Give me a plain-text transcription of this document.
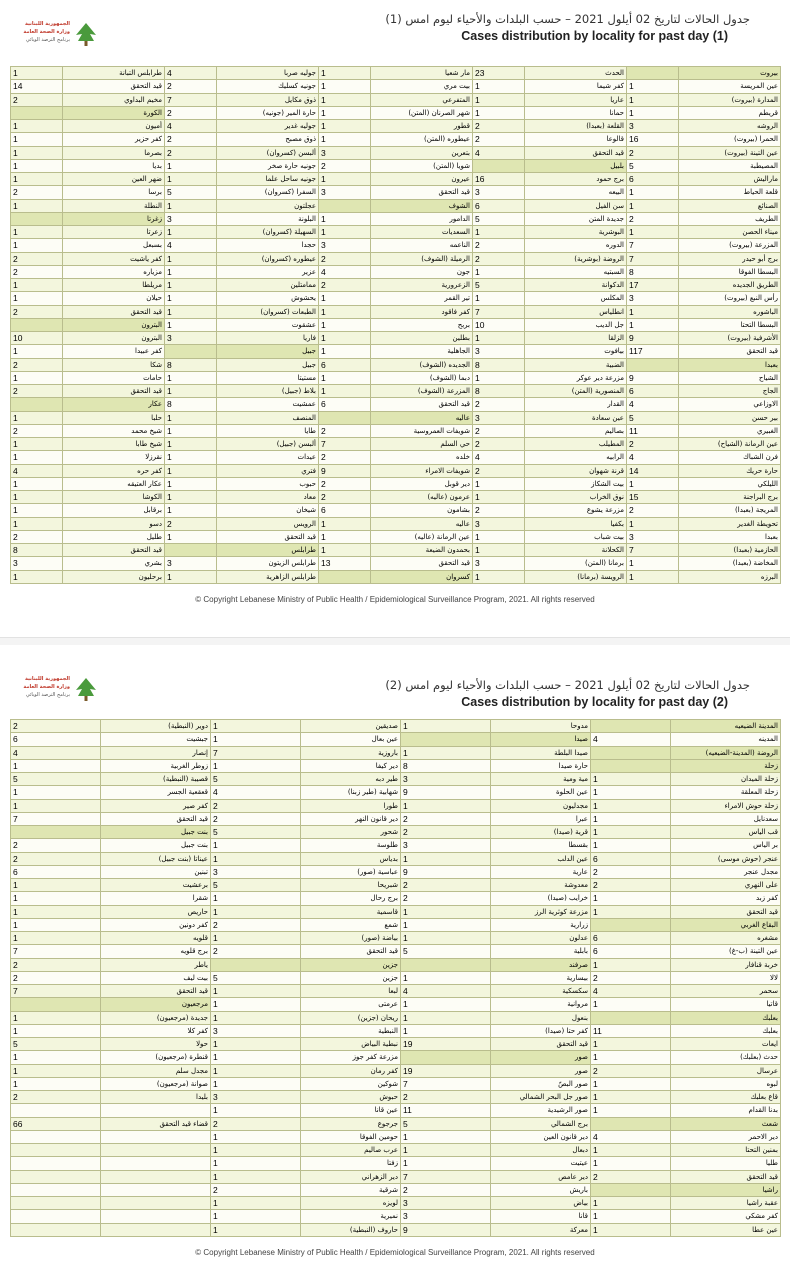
الجمهورية اللبنانية
وزارة الصحة العامة
برنامج الترصد الوبائي
جدول الحالات لتاريخ 02 أيلول 2021 – حسب البلدات والأحياء ليوم امس (1)
Cases distribution by locality for past day (1)
1	طرابلس التبانة	4	جوليه صربا	1	مار شعيا	23	الحدث		بيروت
14	قيد التحقق	2	جونيه كسليك	1	بيت مري	1	كفر شيما	1	عين المريسة
2	مخيم البداوي	7	ذوق مكايل	1	المتفرعي	1	عاريا	1	المدارة (بيروت)
	الكورة	2	حارة المير (جونيه)	1	شهر الصرنان (المتن)	1	حمانا	1	قريطم
1	أميون	4	جوليه غدير	1	قطور	2	القلعة (بعبدا)	3	الروشه
1	كفر حزير	2	ذوق مصبح	1	عيطوره (المتن)	2	قالوعا	16	الحمرا (بيروت)
1	بصرما	2	ألبسن (كسروان)	3	بتعرين	4	قيد التحقق	2	عين التينة (بيروت)
1	بديا	1	جونيه حارة صخر	2	شويا (المتن)		بلبيل	5	المصيطبة
1	ضهر العين	1	جونيه ساحل علما	1	عيرون	16	برج حمود	6	ماراليش
2	برسا	5	السفرا (كسروان)	3	قيد التحقق	3	البيعه	1	قلعة الحياط
1	النطلة	1	عجلتون		الشوف	6	سن الفيل	1	الصنائع
	زغرتا	3	البلونة	1	الدامور	5	جديدة المتن	2	الطريف
1	زعرتا	1	السهيلة (كسروان)	1	السعديات	1	البوشرية	1	ميناء الحصن
1	بسبعل	4	حجدا	3	الناعمه	2	الدوره	7	المزرعة (بيروت)
2	كفر ياشيت	1	عيطوره (كسروان)	2	الرميلة (الشوف)	2	الروضة (بوشرية)	7	برج أبو حيدر
2	مزياره	1	عزير	4	جون	1	السبتيه	8	البسطا الفوقا
1	مريلطا	1	ممامتلين	2	الزعرورية	5	الدكوانة	17	الطريق الجديده
1	حيلان	1	يحشوش	1	تير القمر	1	المكلس	3	رأس النبع (بيروت)
2	قيد التحقق	1	الطبعات (كسروان)	1	كفر فاقود	7	انطلياس	1	الباشوره
	البترون	1	عشقوت	1	بربح	10	جل الديب	1	البسطا التحتا
10	البترون	3	فاريا	1	بطلين	1	الزلقا	9	الأشرفية (بيروت)
1	كفر عبيدا		جبيل	1	الجاهلية	3	بيافوت	117	قيد التحقق
2	شكا	8	جبيل	6	الجديده (الشوف)	8	الضبية		بعبدا
1	حامات	1	مستيتا	1	دبما (الشوف)	1	مزرعة دير عوكر	9	الشياح
2	قيد التحقق	1	بلاط (جبيل)	1	المزرعة (الشوف)	8	المنصورية (المتن)	6	الجاج
	عكار	8	عمشيت	6	قيد التحقق	2	القدار	4	الاوزاعي
1	حلبا	1	المنصف		عاليه	3	عين سعادة	5	بير حسن
2	شيخ محمد	1	طايا	2	شويفات العمروسية	2	بصاليم	11	الغبيري
1	شيخ طابا	1	ألبسن (جبيل)	7	حي السلم	2	المطيلب	2	عين الرمانة (الشياح)
1	نقرزلا	1	عيدات	2	خلده	4	الرابيه	4	فرن الشباك
4	كفر حره	1	فتري	9	شويفات الامراء	2	قرنة شهوان	14	حارة حريك
1	عكار العتيقه	1	حبوب	2	دير قوبل	1	بيت الشكاز	1	الليلكي
1	الكوشا	1	معاد	2	عرمون (عاليه)	1	نوق الخراب	15	برج البراجنة
1	برقابل	1	شيخان	6	بشامون	2	مزرعة يشوع	2	المريجة (بعبدا)
1	دسو	2	الرويس	1	عاليه	3	بكفيا	1	تحويطة الغدير
2	طليل	1	قيد التحقق	1	عين الرمانة (عاليه)	1	بيت شباب	3	بعبدا
8	قيد التحقق		طرابلس	1	بحمدون الضيعة	1	الكحلانة	7	الحازمية (بعبدا)
3	بشري	3	طرابلس الزيتون	13	قيد التحقق	3	برمانا (المتن)	1	المخاضة (بعبدا)
1	برحليون	1	طرابلس الزاهرية		كسروان	1	الرويسة (برمانا)	1	البرزه
© Copyright Lebanese Ministry of Public Health / Epidemiological Surveillance Program, 2021. All rights reserved
الجمهورية اللبنانية
وزارة الصحة العامة
برنامج الترصد الوبائي
جدول الحالات لتاريخ 02 أيلول 2021 – حسب البلدات والأحياء ليوم امس (2)
Cases distribution by locality for past day (2)
2	دوير (النبطية)	1	صديقين	1	مدوحا		المدينة الضيعيه
6	جبشيت	1	عين بعال		صيدا	4	المدينه
4	إنصار	7	باروزية	1	صيدا البلطة		الروضة (المدينة-الضيعيه)
1	زوطر الغربية	1	دير كيفا	8	حارة صيدا		زحلة
5	قصيبة (النبطية)	5	طير دبه	3	مية ومية	1	زحلة الميدان
1	قعقعية الجسر	4	شهابية (طير زبنا)	9	عين الحلوة	1	زحلة المعلقة
1	كفر صير	2	طورا	1	مجدليون	1	زحلة حوش الامراء
7	قيد التحقق	2	دير قانون النهر	2	عبرا	1	سعدنايل
	بنت جبيل	5	شحور	2	قرية (صيدا)	1	قب الياس
2	بنت جبيل	1	طلوسة	3	بقسطا	1	بر الياس
2	عيناتا (بنت جبيل)	1	بدياس	1	عين الدلب	6	عنجر (حوش موسى)
6	تبنين	3	عباسية (صور)	9	عارية	2	مجدل عنجر
1	برعشيت	5	شبريحا	2	معدوشة	2	على النهري
1	شقرا	1	برج رحال	2	خرايب (صيدا)	1	كفر زبد
1	حاريص	1	قاسمية	1	مزرعة كوثرية الرز	1	قيد التحقق
1	كفر دونين	2	شمع	1	زرارية		البقاع الغربي
1	قلويه	1	بياضة (صور)	1	عدلون	6	مشغره
7	برج قلويه	2	قيد التحقق	5	بابلية	6	عين التينة (ب-غ)
2	ياطر		جزين		صرفند	1	خربة قنافار
2	بيت ليف	5	جزين	1	بيسارية	2	لالا
7	قيد التحقق	1	لبعا	4	سكسكية	4	سحمر
	مرجعيون	1	عرمتى	1	مروانية	1	قاتيا
1	جديدة (مرجعيون)	1	ريحان (جزين)	1	بنعول		بعلبك
1	كفر كلا	3	النبطية	1	كفر حتا (صيدا)	11	بعلبك
5	حولا	1	نبطية البياض	19	قيد التحقق	1	ايعات
1	قنطرة (مرجعيون)	1	مزرعة كفر جوز		صور	1	حدث (بعلبك)
1	مجدل سلم	1	كفر رمان	19	صور	2	عرسال
1	صوانة (مرجعيون)	1	شوكين	7	صور البصّ	1	لبوه
2	بليدا	3	حبوش	2	صور جل البحر الشمالي	1	قاع بعلبك
		1	عين قانا	11	صور الرشيدية	1	بدنا القدام
66	قضاء قيد التحقق	2	جرجوع	5	برج الشمالي		شعث
		1	حومين الفوقا	1	دير قانون العين	4	دير الاحمر
		1	عرب صاليم	1	دبعال	1	بمنين التحتا
		1	زفتا	1	عيتيت	1	طليا
		1	دير الزهراني	7	دير عامص	2	قيد التحقق
		2	شرقية	2	باريش		راشيا
		1	لويزه	3	بياض	1	عقبة راشيا
		1	نميرية	3	قانا	1	كفر مشكي
		1	حاروف (النبطية)	9	معركة	1	عين عطا
© Copyright Lebanese Ministry of Public Health / Epidemiological Surveillance Program, 2021. All rights reserved
